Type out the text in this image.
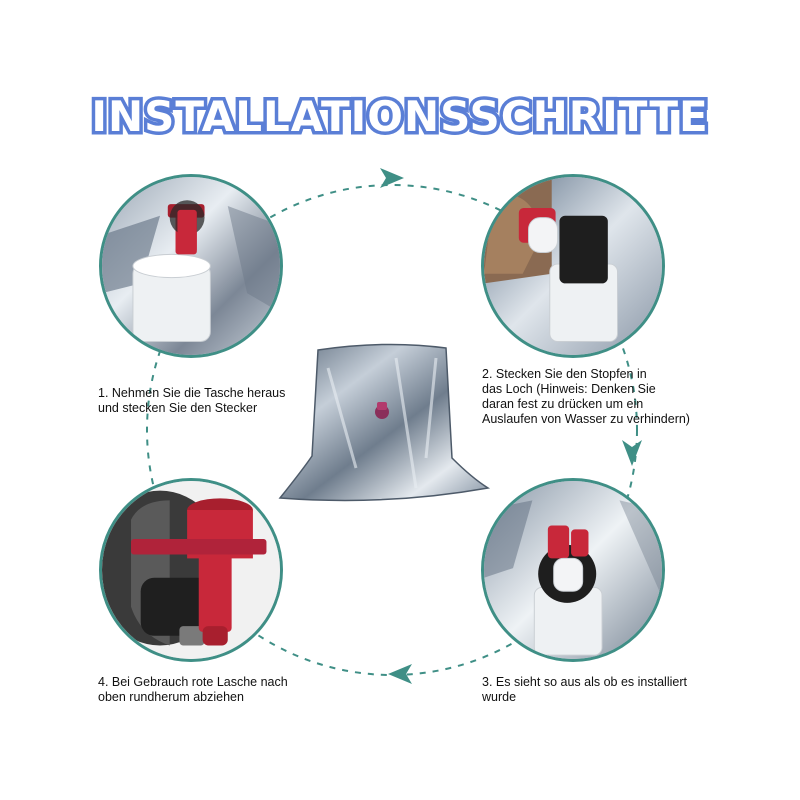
INSTALLATIONSSCHRITTE
1. Nehmen Sie die Tasche heraus
und stecken Sie den Stecker
2. Stecken Sie den Stopfen in
das Loch (Hinweis: Denken Sie
daran fest zu drücken um ein
Auslaufen von Wasser zu verhindern)
3. Es sieht so aus als ob es installiert
wurde
4. Bei Gebrauch rote Lasche nach
oben rundherum abziehen
